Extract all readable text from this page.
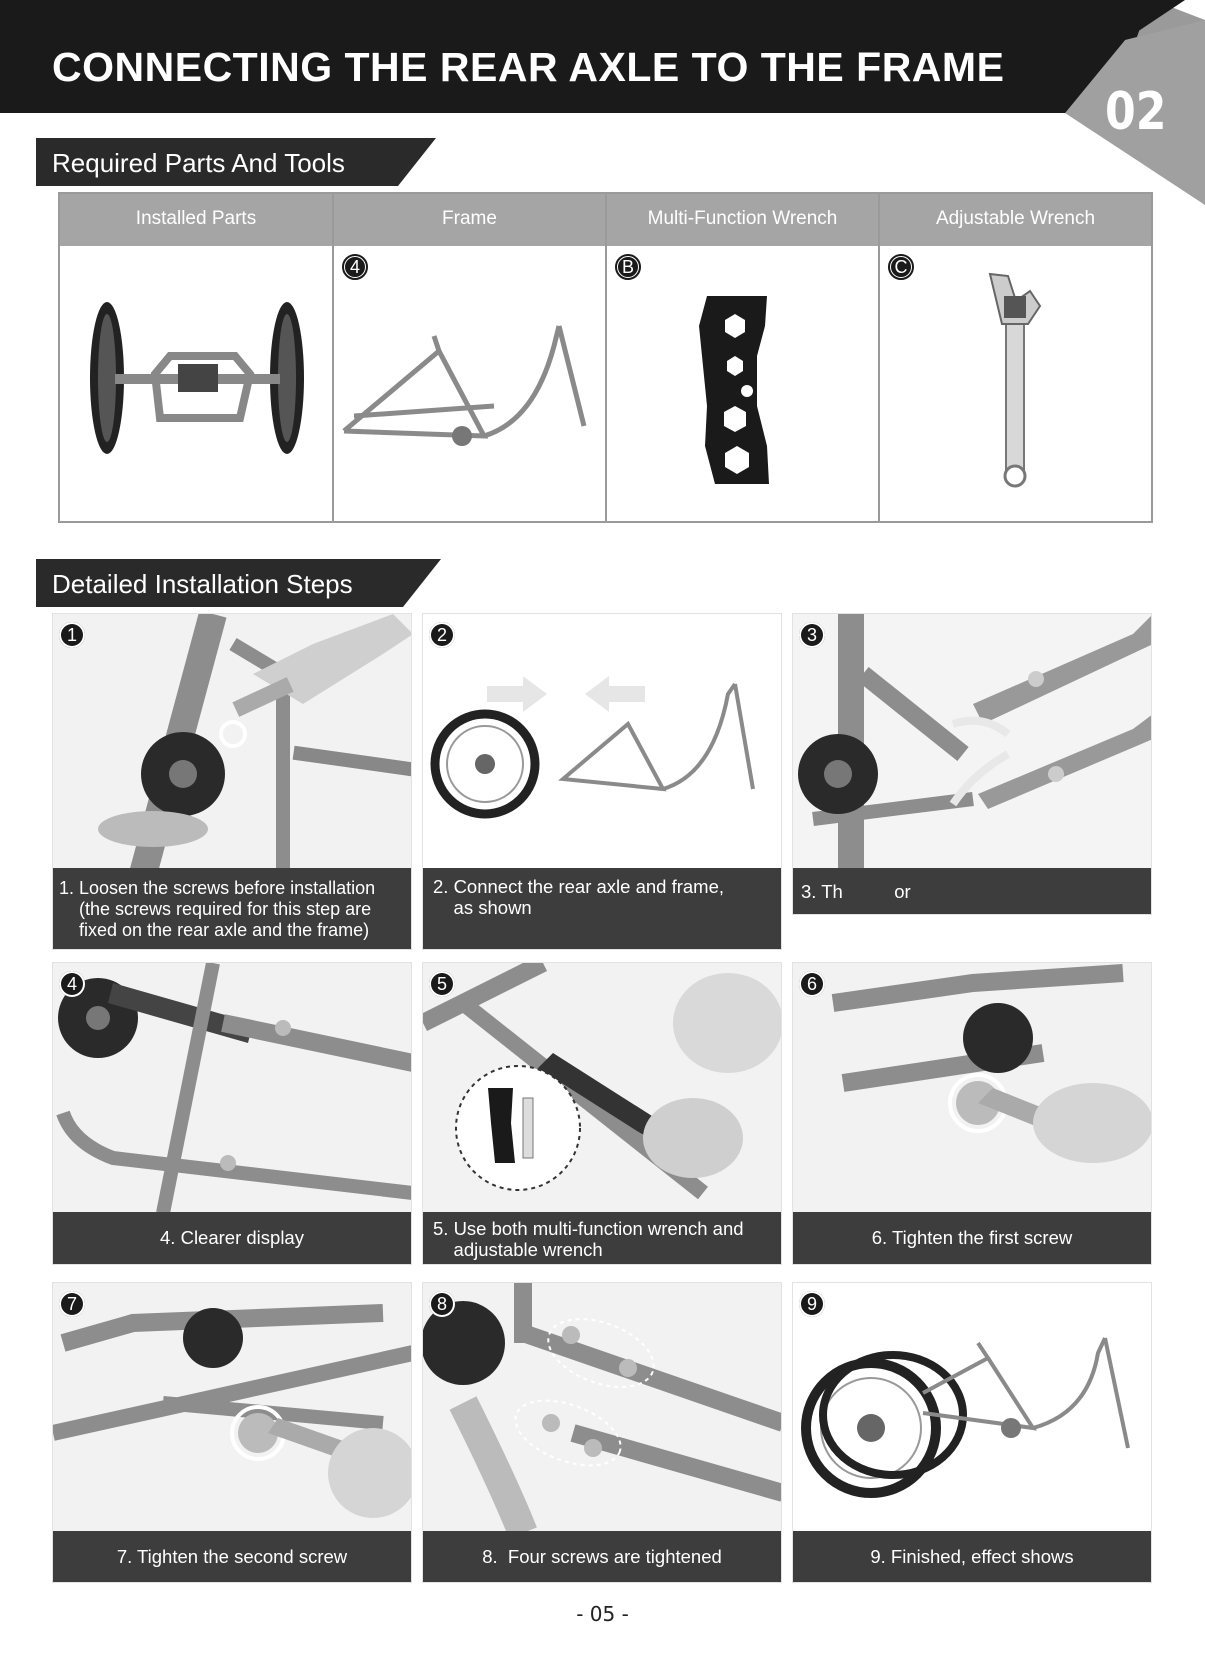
CONNECTING THE REAR AXLE TO THE FRAME
02
Required Parts And Tools
Installed Parts	Frame
4
Multi-Function Wrench
B
Adjustable Wrench
C
Detailed Installation Steps
1
1. Loosen the screws before installation
(the screws required for this step are
fixed on the rear axle and the frame)
2
2. Connect the rear axle and frame,
as shown
3
3. Th          or
4
4. Clearer display
5
5. Use both multi-function wrench and
adjustable wrench
6
6. Tighten the first screw
7
7. Tighten the second screw
8
8.  Four screws are tightened
9
9. Finished, effect shows
- 05 -
